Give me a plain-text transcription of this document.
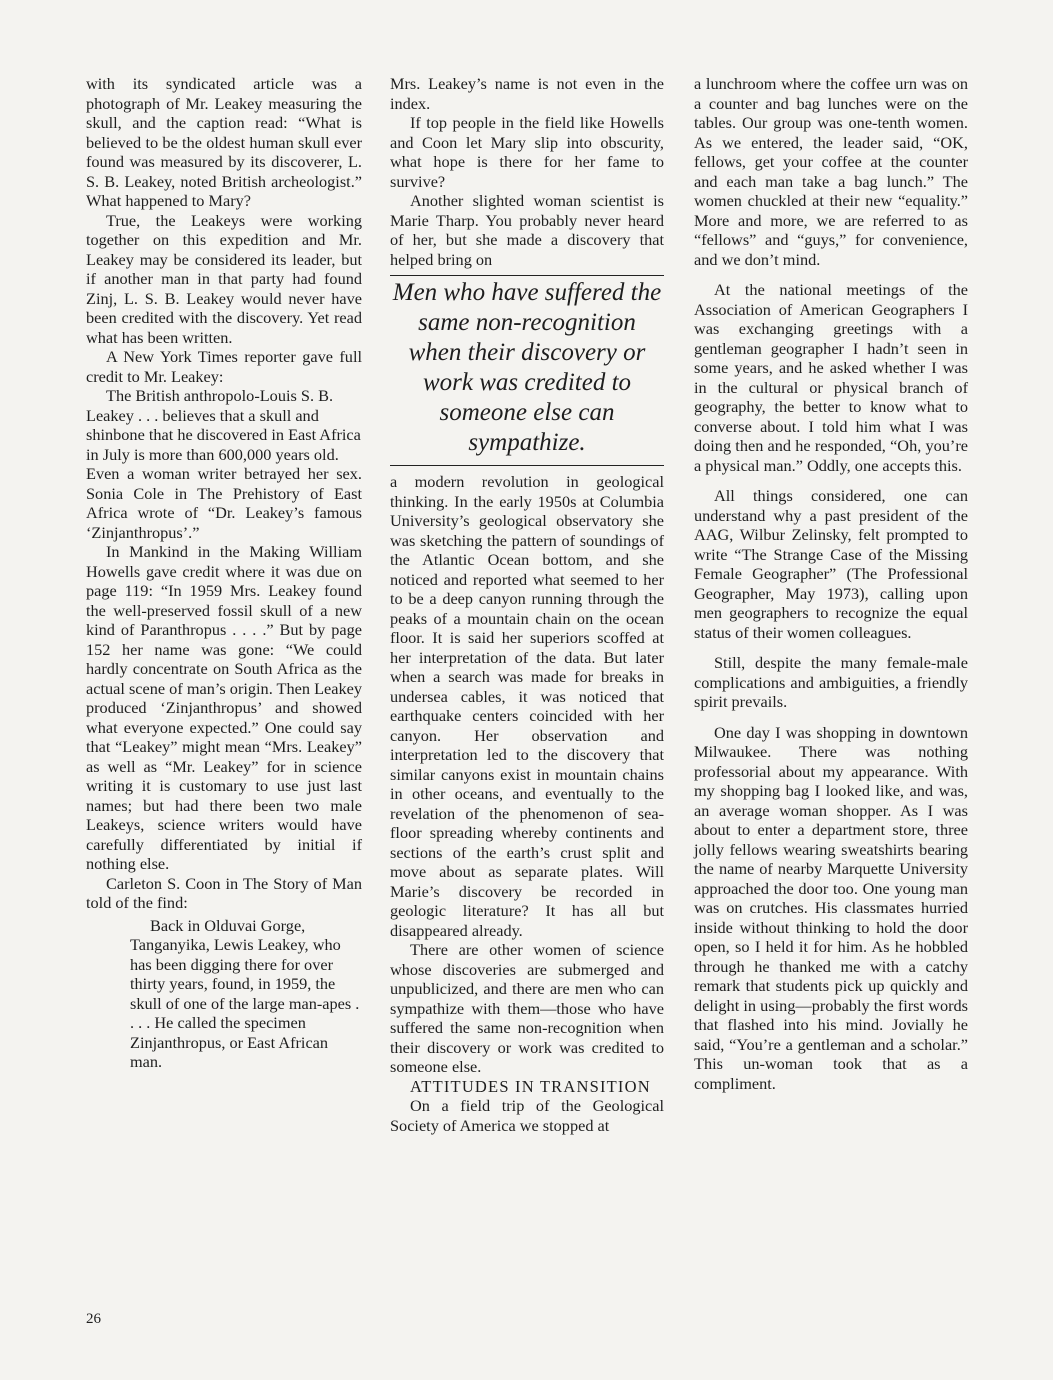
with its syndicated article was a photograph of Mr. Leakey measuring the skull, and the caption read: “What is believed to be the oldest human skull ever found was measured by its discoverer, L. S. B. Leakey, noted British archeologist.” What happened to Mary?

True, the Leakeys were working together on this expedition and Mr. Leakey may be considered its leader, but if another man in that party had found Zinj, L. S. B. Leakey would never have been credited with the discovery. Yet read what has been written.

A New York Times reporter gave full credit to Mr. Leakey:

The British anthropolo-Louis S. B. Leakey . . . believes that a skull and shinbone that he discovered in East Africa in July is more than 600,000 years old.

Even a woman writer betrayed her sex. Sonia Cole in The Prehistory of East Africa wrote of “Dr. Leakey’s famous ‘Zinjanthropus’.”

In Mankind in the Making William Howells gave credit where it was due on page 119: “In 1959 Mrs. Leakey found the well-preserved fossil skull of a new kind of Paranthropus . . . .” But by page 152 her name was gone: “We could hardly concentrate on South Africa as the actual scene of man’s origin. Then Leakey produced ‘Zinjanthropus’ and showed what everyone expected.” One could say that “Leakey” might mean “Mrs. Leakey” as well as “Mr. Leakey” for in science writing it is customary to use just last names; but had there been two male Leakeys, science writers would have carefully differentiated by initial if nothing else.

Carleton S. Coon in The Story of Man told of the find:

Back in Olduvai Gorge, Tanganyika, Lewis Leakey, who has been digging there for over thirty years, found, in 1959, the skull of one of the large man-apes . . . . He called the specimen Zinjanthropus, or East African man.

Mrs. Leakey’s name is not even in the index.

If top people in the field like Howells and Coon let Mary slip into obscurity, what hope is there for her fame to survive?

Another slighted woman scientist is Marie Tharp. You probably never heard of her, but she made a discovery that helped bring on

Men who have suffered the same non-recognition when their discovery or work was credited to someone else can sympathize.

a modern revolution in geological thinking. In the early 1950s at Columbia University’s geological observatory she was sketching the pattern of soundings of the Atlantic Ocean bottom, and she noticed and reported what seemed to her to be a deep canyon running through the peaks of a mountain chain on the ocean floor. It is said her superiors scoffed at her interpretation of the data. But later when a search was made for breaks in undersea cables, it was noticed that earthquake centers coincided with her canyon. Her observation and interpretation led to the discovery that similar canyons exist in mountain chains in other oceans, and eventually to the revelation of the phenomenon of sea-floor spreading whereby continents and sections of the earth’s crust split and move about as separate plates. Will Marie’s discovery be recorded in geologic literature? It has all but disappeared already.

There are other women of science whose discoveries are submerged and unpublicized, and there are men who can sympathize with them—those who have suffered the same non-recognition when their discovery or work was credited to someone else.

ATTITUDES IN TRANSITION

On a field trip of the Geological Society of America we stopped at

a lunchroom where the coffee urn was on a counter and bag lunches were on the tables. Our group was one-tenth women. As we entered, the leader said, “OK, fellows, get your coffee at the counter and each man take a bag lunch.” The women chuckled at their new “equality.” More and more, we are referred to as “fellows” and “guys,” for convenience, and we don’t mind.

At the national meetings of the Association of American Geographers I was exchanging greetings with a gentleman geographer I hadn’t seen in some years, and he asked whether I was in the cultural or physical branch of geography, the better to know what to converse about. I told him what I was doing then and he responded, “Oh, you’re a physical man.” Oddly, one accepts this.

All things considered, one can understand why a past president of the AAG, Wilbur Zelinsky, felt prompted to write “The Strange Case of the Missing Female Geographer” (The Professional Geographer, May 1973), calling upon men geographers to recognize the equal status of their women colleagues.

Still, despite the many female-male complications and ambiguities, a friendly spirit prevails.

One day I was shopping in downtown Milwaukee. There was nothing professorial about my appearance. With my shopping bag I looked like, and was, an average woman shopper. As I was about to enter a department store, three jolly fellows wearing sweatshirts bearing the name of nearby Marquette University approached the door too. One young man was on crutches. His classmates hurried inside without thinking to hold the door open, so I held it for him. As he hobbled through he thanked me with a catchy remark that students pick up quickly and delight in using—probably the first words that flashed into his mind. Jovially he said, “You’re a gentleman and a scholar.” This un-woman took that as a compliment.

26
